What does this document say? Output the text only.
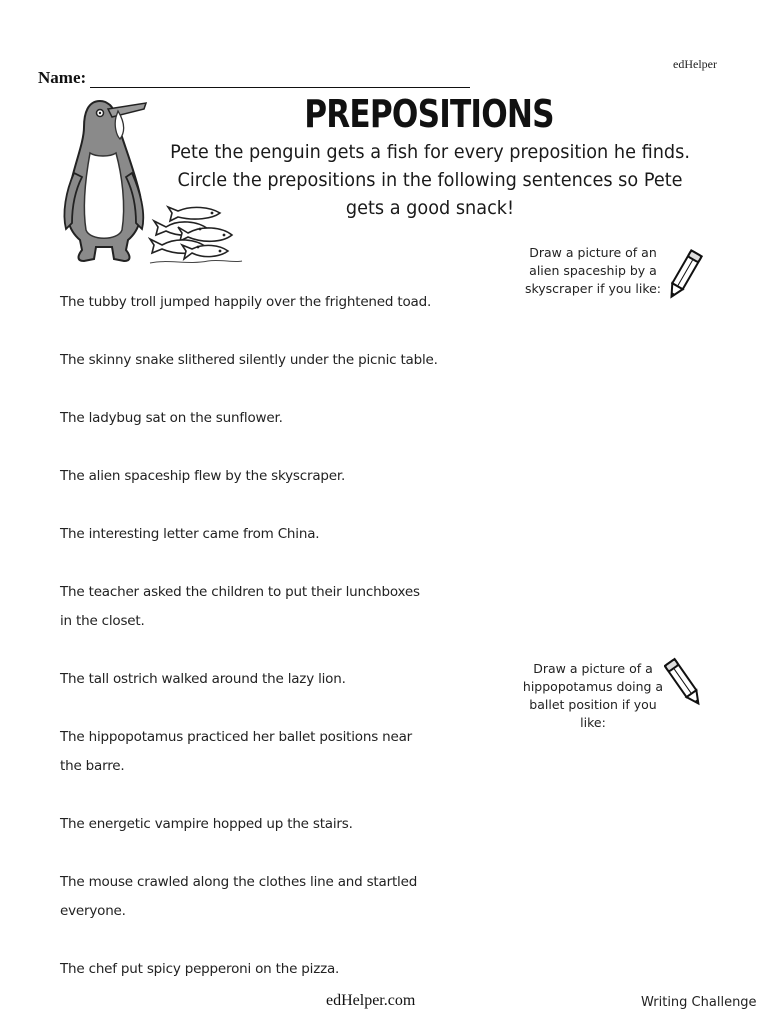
edHelper
Name:
PREPOSITIONS
Pete the penguin gets a fish for every preposition he finds.
Circle the prepositions in the following sentences so Pete
gets a good snack!
Draw a picture of an
alien spaceship by a
skyscraper if you like:
Draw a picture of a
hippopotamus doing a
ballet position if you like:
The tubby troll jumped happily over the frightened toad.
The skinny snake slithered silently under the picnic table.
The ladybug sat on the sunflower.
The alien spaceship flew by the skyscraper.
The interesting letter came from China.
The teacher asked the children to put their lunchboxes
in the closet.
The tall ostrich walked around the lazy lion.
The hippopotamus practiced her ballet positions near
the barre.
The energetic vampire hopped up the stairs.
The mouse crawled along the clothes line and startled
everyone.
The chef put spicy pepperoni on the pizza.
edHelper.com	Writing Challenge
